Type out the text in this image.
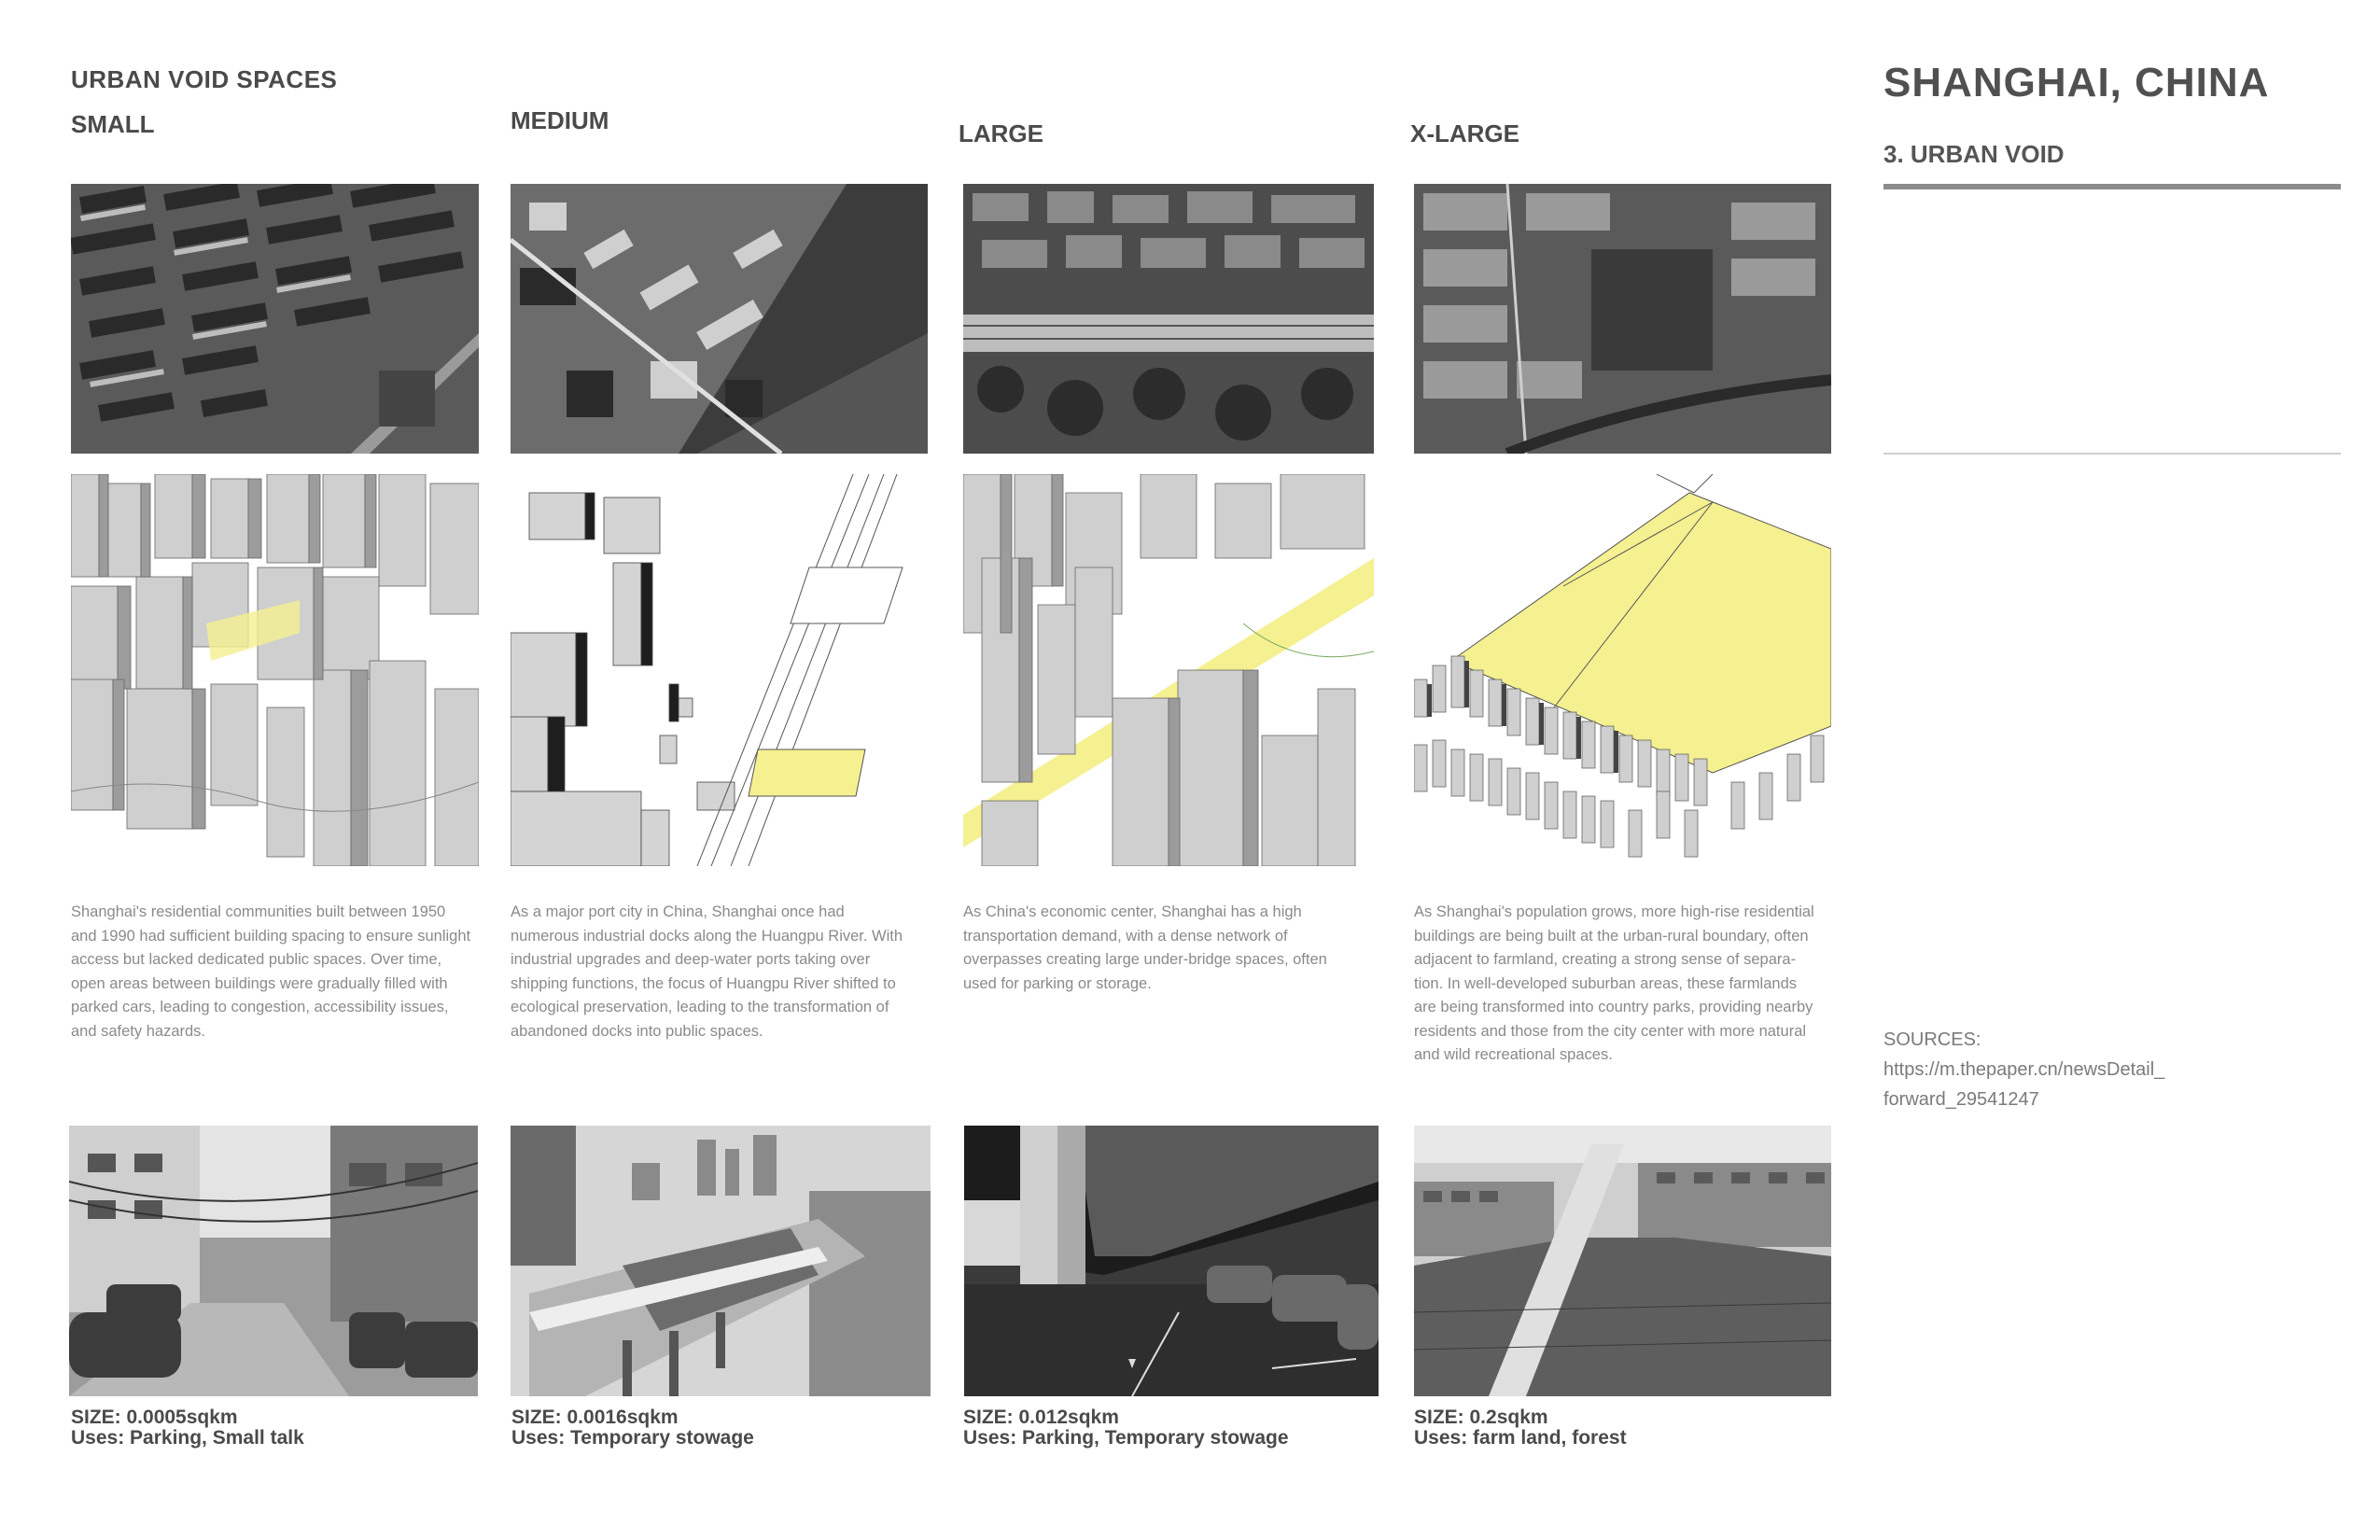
URBAN VOID SPACES
SMALL	MEDIUM	LARGE	X-LARGE
Shanghai's residential communities built between 1950
and 1990 had sufficient building spacing to ensure sunlight
access but lacked dedicated public spaces. Over time,
open areas between buildings were gradually filled with
parked cars, leading to congestion, accessibility issues,
and safety hazards.
As a major port city in China, Shanghai once had
numerous industrial docks along the Huangpu River. With
industrial upgrades and deep-water ports taking over
shipping functions, the focus of Huangpu River shifted to
ecological preservation, leading to the transformation of
abandoned docks into public spaces.
As China's economic center, Shanghai has a high
transportation demand, with a dense network of
overpasses creating large under-bridge spaces, often
used for parking or storage.
As Shanghai's population grows, more high-rise residential
buildings are being built at the urban-rural boundary, often
adjacent to farmland, creating a strong sense of separa-
tion. In well-developed suburban areas, these farmlands
are being transformed into country parks, providing nearby
residents and those from the city center with more natural
and wild recreational spaces.
SIZE: 0.0005sqkm
Uses: Parking, Small talk
SIZE: 0.0016sqkm
Uses: Temporary stowage
SIZE: 0.012sqkm
Uses: Parking, Temporary stowage
SIZE: 0.2sqkm
Uses: farm land, forest
SHANGHAI, CHINA
3. URBAN VOID
SOURCES:
https://m.thepaper.cn/newsDetail_
forward_29541247
